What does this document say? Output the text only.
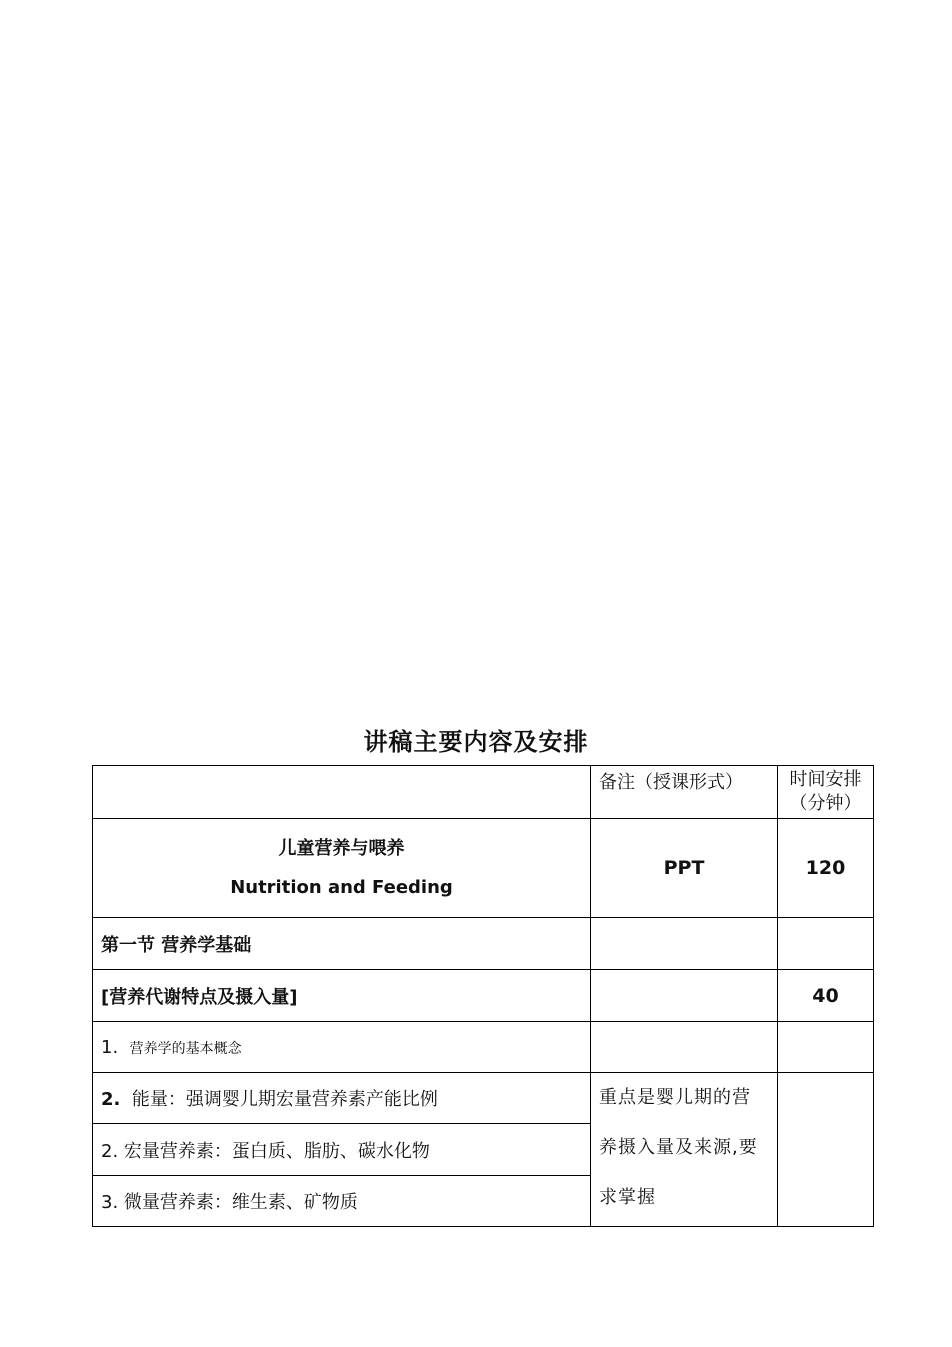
讲稿主要内容及安排
	备注（授课形式）	时间安排
（分钟）

儿童营养与喂养
Nutrition and Feeding	PPT	120
第一节 营养学基础		
[营养代谢特点及摄入量]		40
1. 营养学的基本概念		
2. 能量：强调婴儿期宏量营养素产能比例	重点是婴儿期的营养摄入量及来源,要求掌握	
2. 宏量营养素：蛋白质、脂肪、碳水化物		
3. 微量营养素：维生素、矿物质		
